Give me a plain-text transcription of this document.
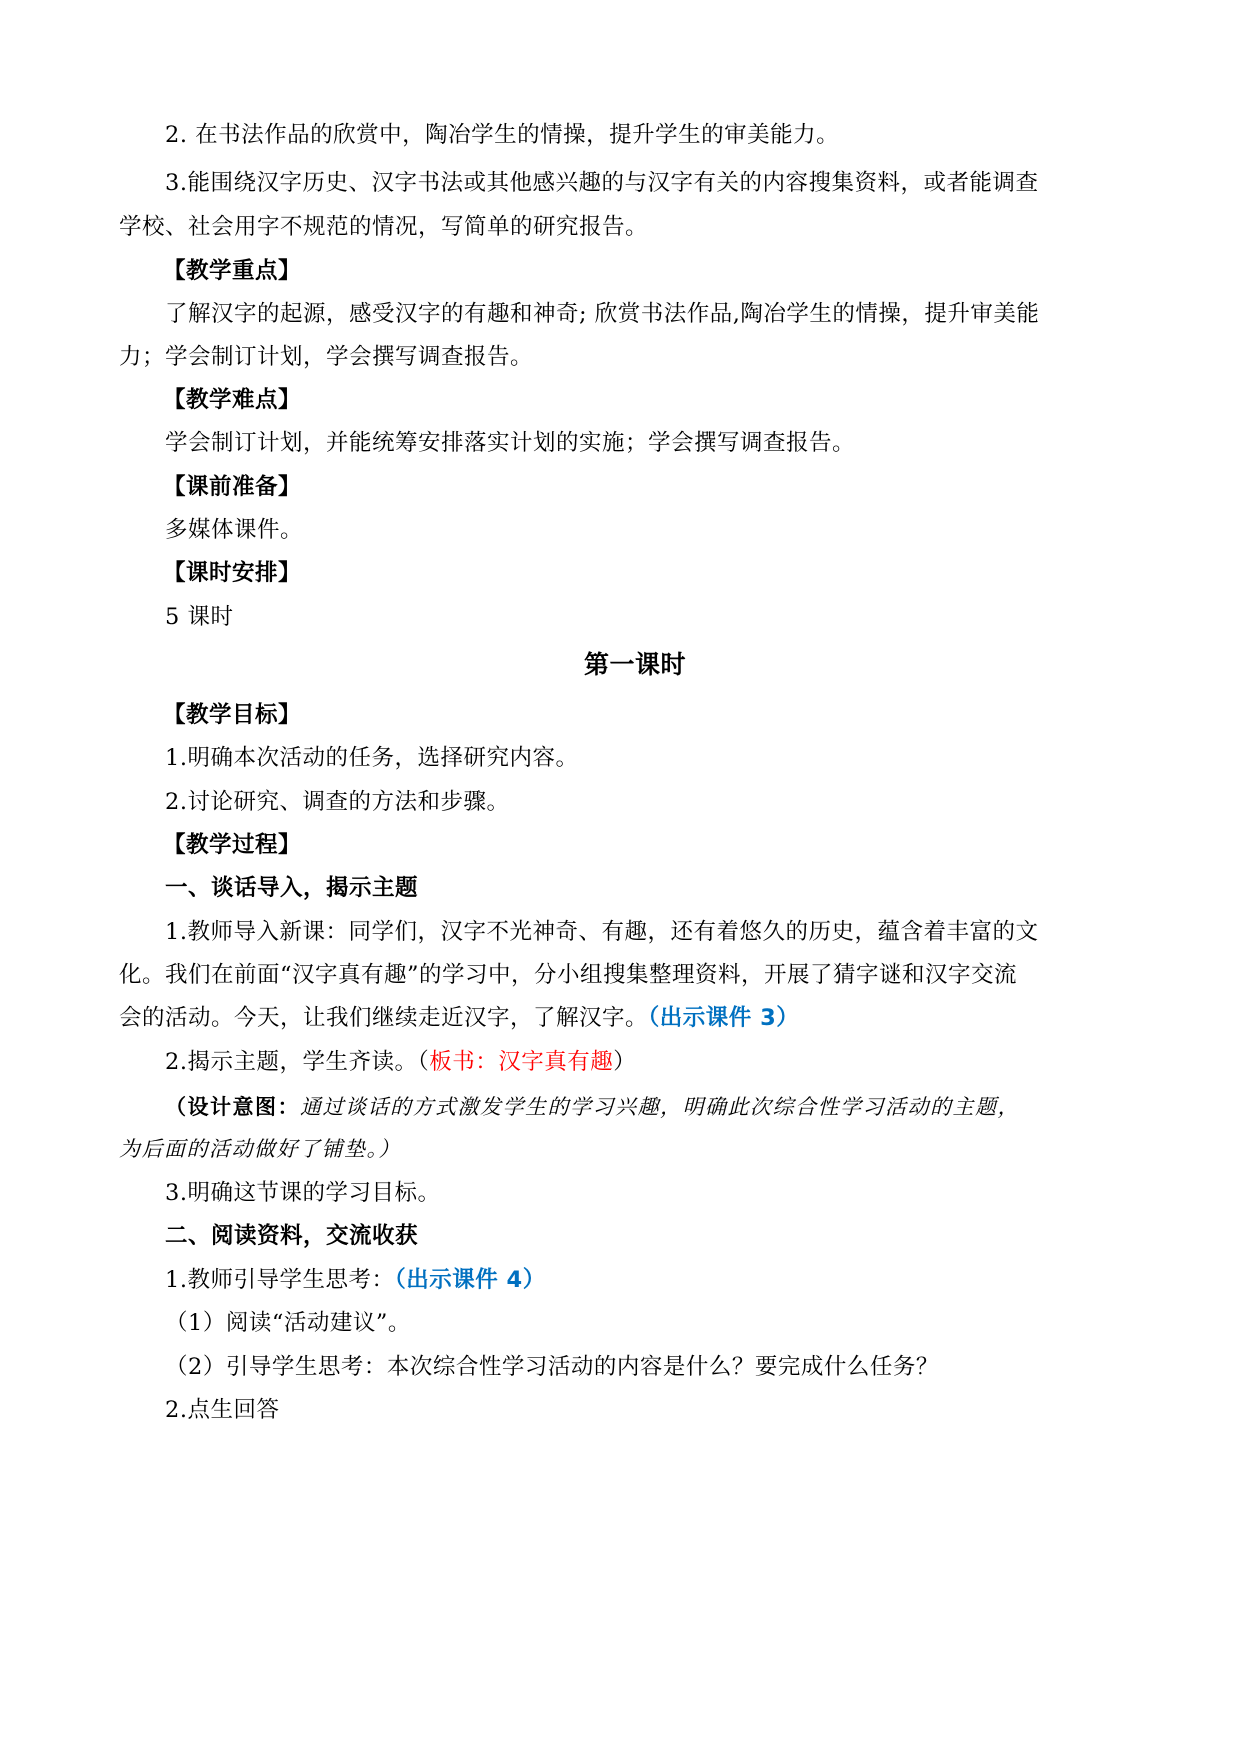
2. 在书法作品的欣赏中，陶冶学生的情操，提升学生的审美能力。
3.能围绕汉字历史、汉字书法或其他感兴趣的与汉字有关的内容搜集资料，或者能调查
学校、社会用字不规范的情况，写简单的研究报告。
【教学重点】
了解汉字的起源，感受汉字的有趣和神奇; 欣赏书法作品,陶冶学生的情操，提升审美能
力；学会制订计划，学会撰写调查报告。
【教学难点】
学会制订计划，并能统筹安排落实计划的实施；学会撰写调查报告。
【课前准备】
多媒体课件。
【课时安排】
5 课时
第一课时
【教学目标】
1.明确本次活动的任务，选择研究内容。
2.讨论研究、调查的方法和步骤。
【教学过程】
一、谈话导入，揭示主题
1.教师导入新课：同学们，汉字不光神奇、有趣，还有着悠久的历史，蕴含着丰富的文
化。我们在前面“汉字真有趣”的学习中，分小组搜集整理资料，开展了猜字谜和汉字交流
会的活动。今天，让我们继续走近汉字，了解汉字。（出示课件 3）
2.揭示主题，学生齐读。（板书：汉字真有趣）
（设计意图：通过谈话的方式激发学生的学习兴趣，明确此次综合性学习活动的主题，
为后面的活动做好了铺垫。）
3.明确这节课的学习目标。
二、阅读资料，交流收获
1.教师引导学生思考：（出示课件 4）
（1）阅读“活动建议”。
（2）引导学生思考：本次综合性学习活动的内容是什么？要完成什么任务？
2.点生回答
